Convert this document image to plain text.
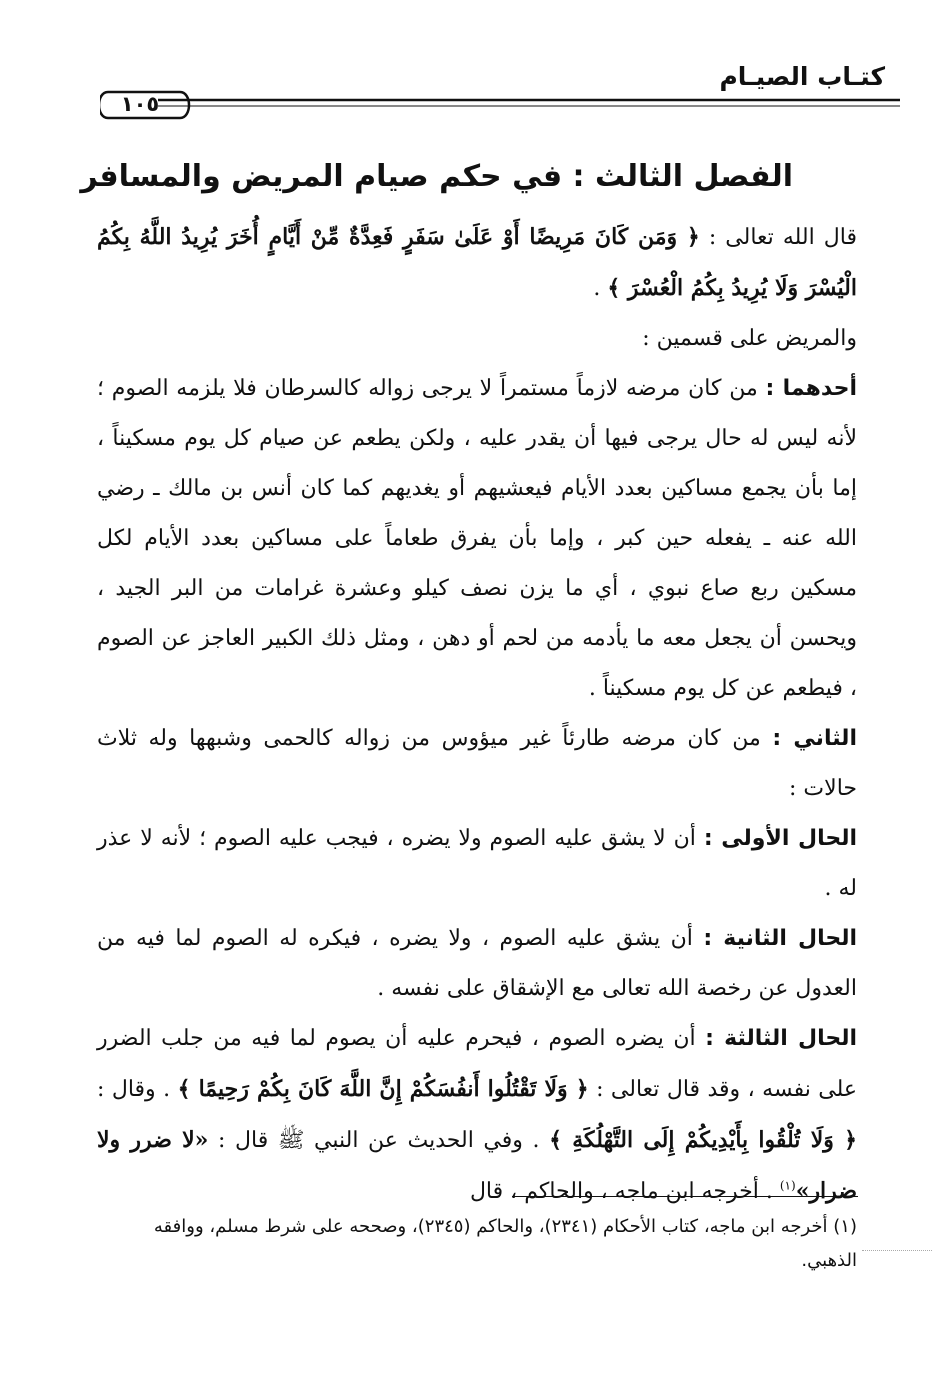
كتـاب الصيـام
١٠٥
الفصل الثالث : في حكم صيام المريض والمسافر

قال الله تعالى : ﴿ وَمَن كَانَ مَرِيضًا أَوْ عَلَىٰ سَفَرٍ فَعِدَّةٌ مِّنْ أَيَّامٍ أُخَرَ يُرِيدُ اللَّهُ بِكُمُ الْيُسْرَ وَلَا يُرِيدُ بِكُمُ الْعُسْرَ ﴾ .

والمريض على قسمين :

أحدهما : من كان مرضه لازماً مستمراً لا يرجى زواله كالسرطان فلا يلزمه الصوم ؛ لأنه ليس له حال يرجى فيها أن يقدر عليه ، ولكن يطعم عن صيام كل يوم مسكيناً ، إما بأن يجمع مساكين بعدد الأيام فيعشيهم أو يغديهم كما كان أنس بن مالك ـ رضي الله عنه ـ يفعله حين كبر ، وإما بأن يفرق طعاماً على مساكين بعدد الأيام لكل مسكين ربع صاع نبوي ، أي ما يزن نصف كيلو وعشرة غرامات من البر الجيد ، ويحسن أن يجعل معه ما يأدمه من لحم أو دهن ، ومثل ذلك الكبير العاجز عن الصوم ، فيطعم عن كل يوم مسكيناً .

الثاني : من كان مرضه طارئاً غير ميؤوس من زواله كالحمى وشبهها وله ثلاث حالات :

الحال الأولى : أن لا يشق عليه الصوم ولا يضره ، فيجب عليه الصوم ؛ لأنه لا عذر له .

الحال الثانية : أن يشق عليه الصوم ، ولا يضره ، فيكره له الصوم لما فيه من العدول عن رخصة الله تعالى مع الإشقاق على نفسه .

الحال الثالثة : أن يضره الصوم ، فيحرم عليه أن يصوم لما فيه من جلب الضرر على نفسه ، وقد قال تعالى : ﴿ وَلَا تَقْتُلُوا أَنفُسَكُمْ إِنَّ اللَّهَ كَانَ بِكُمْ رَحِيمًا ﴾ . وقال : ﴿ وَلَا تُلْقُوا بِأَيْدِيكُمْ إِلَى التَّهْلُكَةِ ﴾ . وفي الحديث عن النبي ﷺ قال : «لا ضرر ولا ضرار»$^{(١)}$ . أخرجه ابن ماجه ، والحاكم ، قال

(١) أخرجه ابن ماجه، كتاب الأحكام (٢٣٤١)، والحاكم (٢٣٤٥)، وصححه على شرط مسلم، ووافقه الذهبي.
